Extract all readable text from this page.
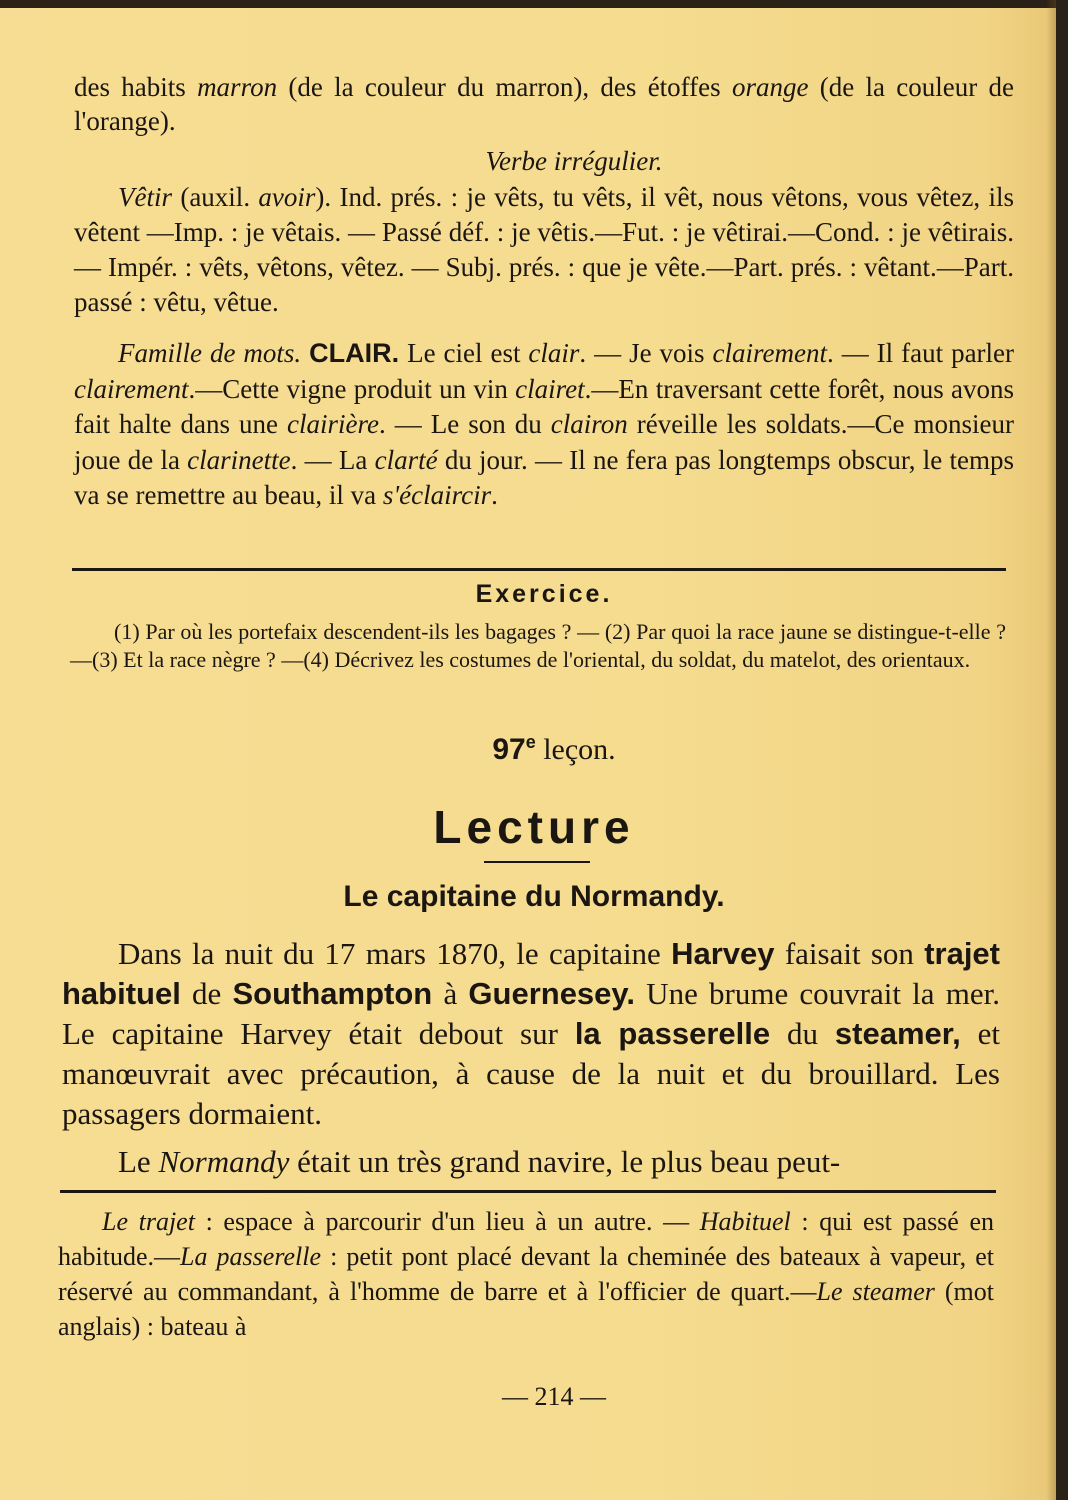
des habits marron (de la couleur du marron), des étoffes orange (de la couleur de l'orange).

Verbe irrégulier.

Vêtir (auxil. avoir). Ind. prés. : je vêts, tu vêts, il vêt, nous vêtons, vous vêtez, ils vêtent —Imp. : je vêtais. — Passé déf. : je vêtis.—Fut. : je vêtirai.—Cond. : je vêtirais. — Impér. : vêts, vêtons, vêtez. — Subj. prés. : que je vête.—Part. prés. : vêtant.—Part. passé : vêtu, vêtue.

Famille de mots. CLAIR. Le ciel est clair. — Je vois clairement. — Il faut parler clairement.—Cette vigne produit un vin clairet.—En traversant cette forêt, nous avons fait halte dans une clairière. — Le son du clairon réveille les soldats.—Ce monsieur joue de la clarinette. — La clarté du jour. — Il ne fera pas longtemps obscur, le temps va se remettre au beau, il va s'éclaircir.

Exercice.

(1) Par où les portefaix descendent-ils les bagages ? — (2) Par quoi la race jaune se distingue-t-elle ?—(3) Et la race nègre ? —(4) Décrivez les costumes de l'oriental, du soldat, du matelot, des orientaux.

97e leçon.

Lecture

Le capitaine du Normandy.

Dans la nuit du 17 mars 1870, le capitaine Harvey faisait son trajet habituel de Southampton à Guernesey. Une brume couvrait la mer. Le capitaine Harvey était debout sur la passerelle du steamer, et manœuvrait avec précaution, à cause de la nuit et du brouillard. Les passagers dormaient.

Le Normandy était un très grand navire, le plus beau peut-

Le trajet : espace à parcourir d'un lieu à un autre. — Habituel : qui est passé en habitude.—La passerelle : petit pont placé devant la cheminée des bateaux à vapeur, et réservé au commandant, à l'homme de barre et à l'officier de quart.—Le steamer (mot anglais) : bateau à

— 214 —
